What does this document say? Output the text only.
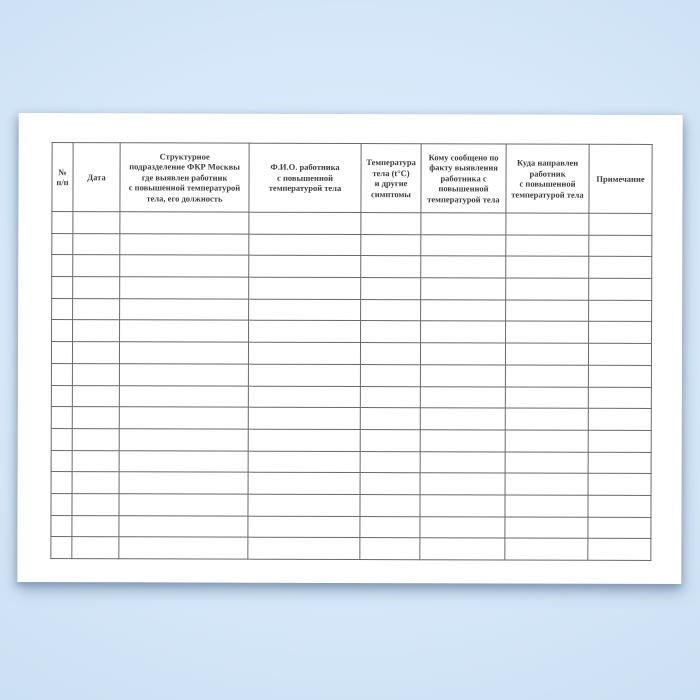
№
п/п	Дата	Структурное
подразделение ФКР Москвы
где выявлен работник
с повышенной температурой
тела, его должность	Ф.И.О. работника
с повышенной
температурой тела	Температура
тела (t°C)
и другие
симптомы	Кому сообщено по
факту выявления
работника с
повышенной
температурой тела	Куда направлен
работник
с повышенной
температурой тела	Примечание
